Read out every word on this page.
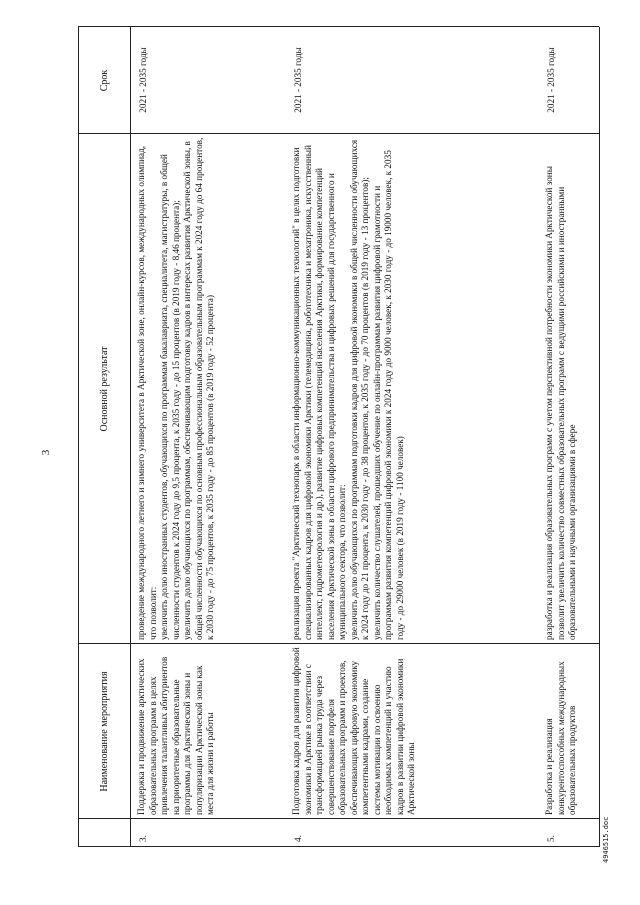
3
Наименование мероприятия
Основной результат
Срок
3.
Поддержка и продвижение арктических образовательных программ в целях привлечения талантливых абитуриентов на приоритетные образовательные программы для Арктической зоны и популяризации Арктической зоны как места для жизни и работы

проведение международного летнего и зимнего университета в Арктической зоне, онлайн-курсов, международных олимпиад, что позволит: увеличить долю иностранных студентов, обучающихся по программам бакалавриата, специалитета, магистратуры, в общей численности студентов к 2024 году до 9,5 процента, к 2035 году - до 15 процентов (в 2019 году - 8,46 процента); увеличить долю обучающихся по программам, обеспечивающим подготовку кадров в интересах развития Арктической зоны, в общей численности обучающихся по основным профессиональным образовательным программам к 2024 году до 64 процентов, к 2030 году - до 75 процентов, к 2035 году - до 85 процентов (в 2019 году - 52 процента)

2021 - 2035 годы
4.
Подготовка кадров для развития цифровой экономики в Арктике в соответствии с трансформацией рынка труда через совершенствование портфеля образовательных программ и проектов, обеспечивающих цифровую экономику компетентными кадрами, создание системы мотивации по освоению необходимых компетенций и участию кадров в развитии цифровой экономики Арктической зоны

реализация проекта "Арктический технопарк в области информационно-коммуникационных технологий" в целях подготовки специализированных кадров для цифровой экономики Арктики (телемедицина, робототехника и мехатроника, искусственный интеллект, гидрометеорология и др.), развитие цифровых компетенций населения Арктики, формирование компетенций населения Арктической зоны в области цифрового предпринимательства и цифровых решений для государственного и муниципального сектора, что позволит: увеличить долю обучающихся по программам подготовки кадров для цифровой экономики в общей численности обучающихся к 2024 году до 21 процента, к 2030 году - до 38 процентов, к 2035 году - до 70 процентов (в 2019 году - 13 процентов); увеличить количество слушателей, прошедших обучение по онлайн-программам развития цифровой грамотности и программам развития компетенций цифровой экономики к 2024 году до 9000 человек, к 2030 году - до 19000 человек, к 2035 году - до 29000 человек (в 2019 году - 1100 человек)

2021 - 2035 годы
5.
Разработка и реализация конкурентоспособных международных образовательных продуктов

разработка и реализация образовательных программ с учетом перспективной потребности экономики Арктической зоны позволит увеличить количество совместных образовательных программ с ведущими российскими и иностранными образовательными и научными организациями в сфере

2021 - 2035 годы
4946515.doc
